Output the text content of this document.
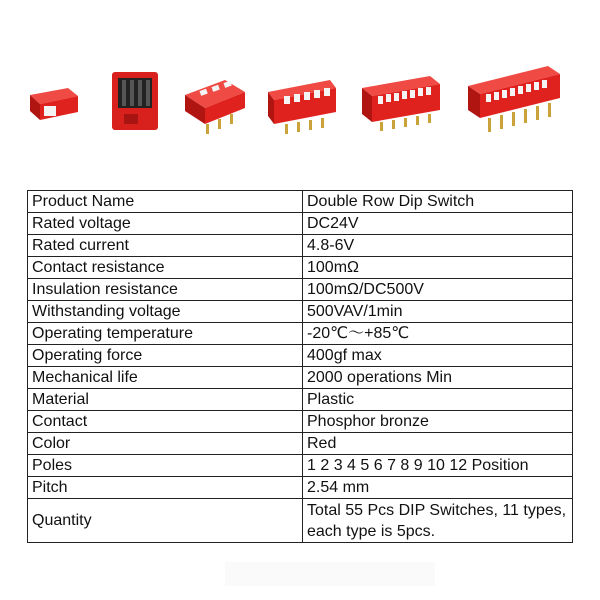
Product Name	Double Row Dip Switch
Rated voltage	DC24V
Rated current	4.8-6V
Contact resistance	100mΩ
Insulation resistance	100mΩ/DC500V
Withstanding voltage	500VAV/1min
Operating temperature	-20℃～+85℃
Operating force	400gf max
Mechanical life	2000 operations Min
Material	Plastic
Contact	Phosphor bronze
Color	Red
Poles	1 2 3 4 5 6 7 8 9 10 12 Position
Pitch	2.54 mm
Quantity	Total 55 Pcs DIP Switches, 11 types, each type is 5pcs.
